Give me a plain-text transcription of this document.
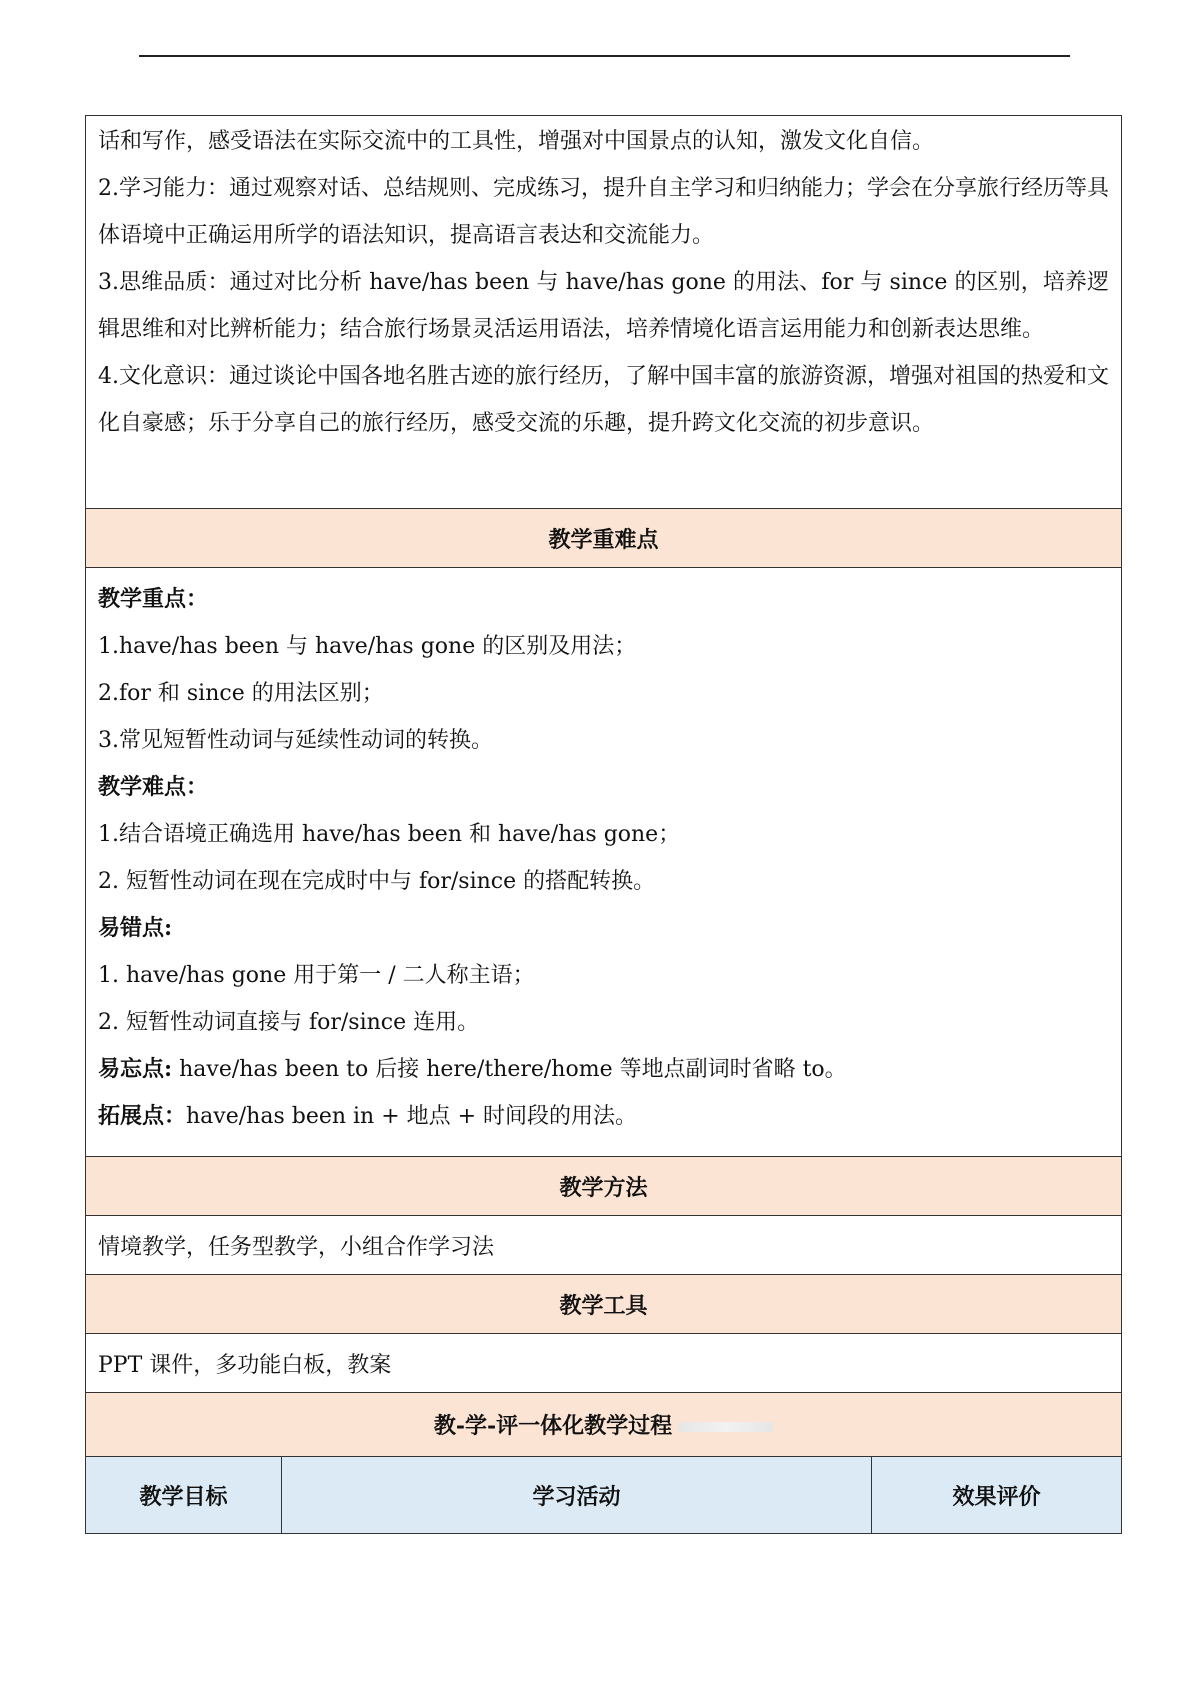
话和写作，感受语法在实际交流中的工具性，增强对中国景点的认知，激发文化自信。

2.学习能力：通过观察对话、总结规则、完成练习，提升自主学习和归纳能力；学会在分享旅行经历等具体语境中正确运用所学的语法知识，提高语言表达和交流能力。

3.思维品质：通过对比分析 have/has been 与 have/has gone 的用法、for 与 since 的区别，培养逻辑思维和对比辨析能力；结合旅行场景灵活运用语法，培养情境化语言运用能力和创新表达思维。

4.文化意识：通过谈论中国各地名胜古迹的旅行经历，了解中国丰富的旅游资源，增强对祖国的热爱和文化自豪感；乐于分享自己的旅行经历，感受交流的乐趣，提升跨文化交流的初步意识。

教学重难点

教学重点：

1.have/has been 与 have/has gone 的区别及用法；

2.for 和 since 的用法区别；

3.常见短暂性动词与延续性动词的转换。

教学难点：

1.结合语境正确选用 have/has been 和 have/has gone；

2. 短暂性动词在现在完成时中与 for/since 的搭配转换。

易错点:

1. have/has gone 用于第一 / 二人称主语；

2. 短暂性动词直接与 for/since 连用。

易忘点: have/has been to 后接 here/there/home 等地点副词时省略 to。

拓展点：have/has been in + 地点 + 时间段的用法。

教学方法
情境教学，任务型教学，小组合作学习法
教学工具
PPT 课件，多功能白板，教案
教-学-评一体化教学过程
教学目标	学习活动	效果评价
